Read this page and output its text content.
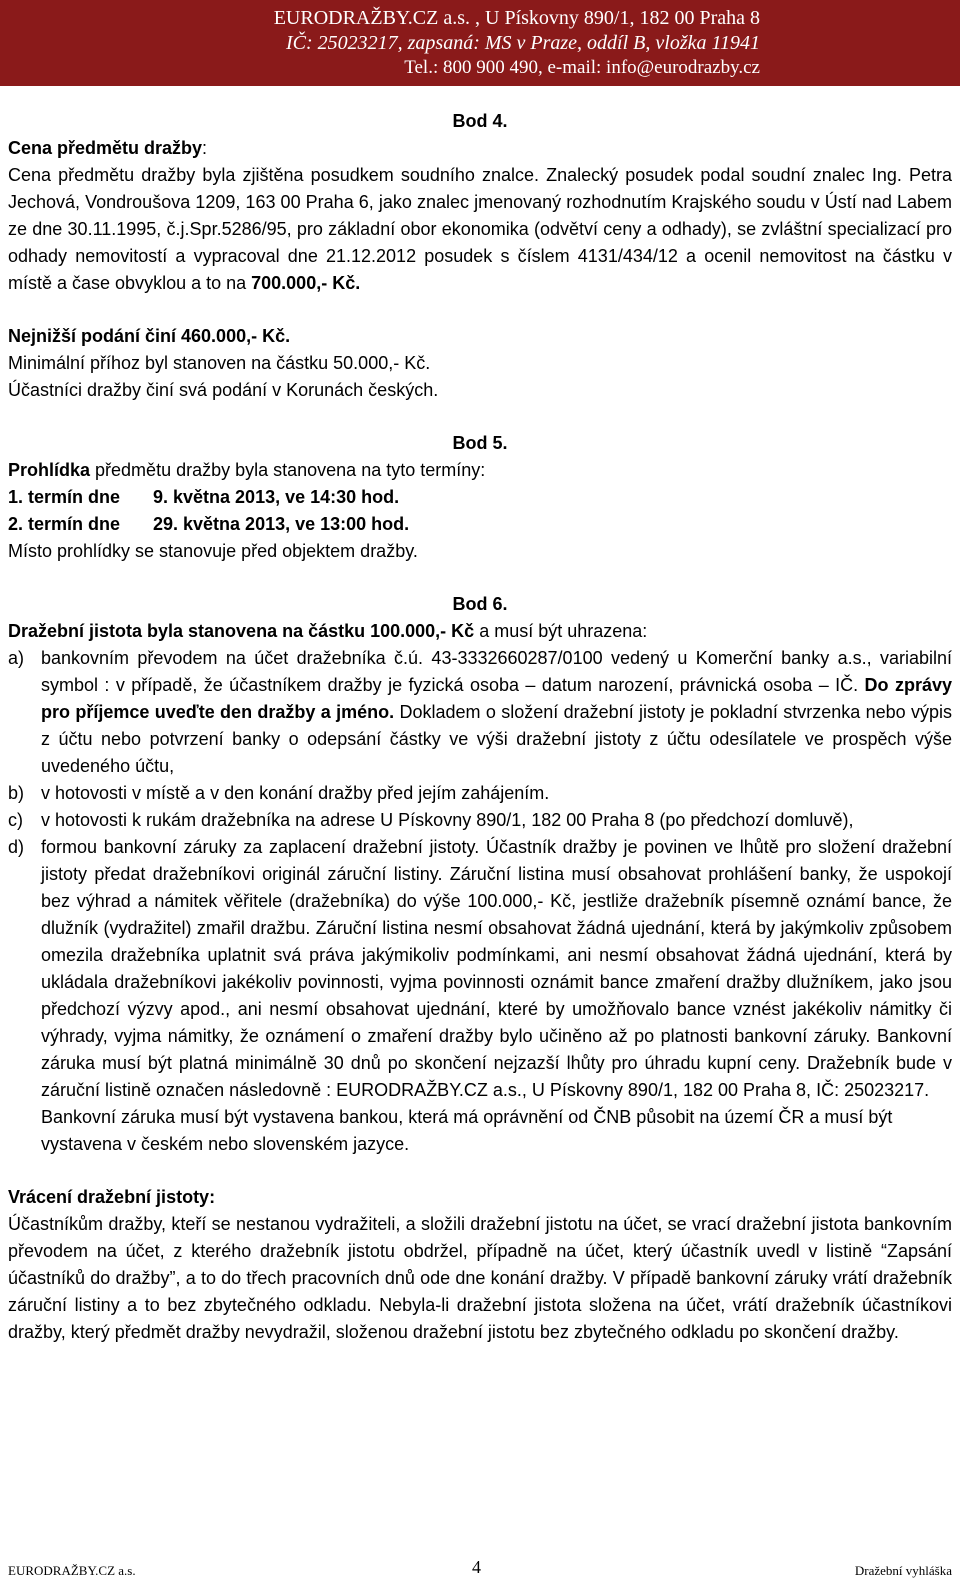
EURODRAŽBY.CZ a.s. , U Pískovny 890/1, 182 00 Praha 8
IČ: 25023217, zapsaná: MS v Praze, oddíl B, vložka 11941
Tel.: 800 900 490, e-mail: info@eurodrazby.cz
Bod 4.
Cena předmětu dražby:

Cena předmětu dražby byla zjištěna posudkem soudního znalce. Znalecký posudek podal soudní znalec Ing. Petra Jechová, Vondroušova 1209, 163 00 Praha 6, jako znalec jmenovaný rozhodnutím Krajského soudu v Ústí nad Labem ze dne 30.11.1995, č.j.Spr.5286/95, pro základní obor ekonomika (odvětví ceny a odhady), se zvláštní specializací pro odhady nemovitostí a vypracoval dne 21.12.2012 posudek s číslem 4131/434/12 a ocenil nemovitost na částku v místě a čase obvyklou a to na 700.000,- Kč.

Nejnižší podání činí 460.000,- Kč.
Minimální příhoz byl stanoven na částku 50.000,- Kč.
Účastníci dražby činí svá podání v Korunách českých.
Bod 5.
Prohlídka předmětu dražby byla stanovena na tyto termíny:
1. termín dne	9. května 2013, ve 14:30 hod.
2. termín dne	29. května 2013, ve 13:00 hod.
Místo prohlídky se stanovuje před objektem dražby.
Bod 6.
Dražební jistota byla stanovena na částku 100.000,- Kč a musí být uhrazena:
a) bankovním převodem na účet dražebníka č.ú. 43-3332660287/0100 vedený u Komerční banky a.s., variabilní symbol : v případě, že účastníkem dražby je fyzická osoba – datum narození, právnická osoba – IČ. Do zprávy pro příjemce uveďte den dražby a jméno. Dokladem o složení dražební jistoty je pokladní stvrzenka nebo výpis z účtu nebo potvrzení banky o odepsání částky ve výši dražební jistoty z účtu odesílatele ve prospěch výše uvedeného účtu,

b) v hotovosti v místě a v den konání dražby před jejím zahájením.

c)	v hotovosti k rukám dražebníka na adrese U Pískovny 890/1, 182 00 Praha 8 (po předchozí domluvě),

d) formou bankovní záruky za zaplacení dražební jistoty. Účastník dražby je povinen ve lhůtě pro složení dražební jistoty předat dražebníkovi originál záruční listiny. Záruční listina musí obsahovat prohlášení banky, že uspokojí bez výhrad a námitek věřitele (dražebníka) do výše 100.000,- Kč, jestliže dražebník písemně oznámí bance, že dlužník (vydražitel) zmařil dražbu. Záruční listina nesmí obsahovat žádná ujednání, která by jakýmkoliv způsobem omezila dražebníka uplatnit svá práva jakýmikoliv podmínkami, ani nesmí obsahovat žádná ujednání, která by ukládala dražebníkovi jakékoliv povinnosti, vyjma povinnosti oznámit bance zmaření dražby dlužníkem, jako jsou předchozí výzvy apod., ani nesmí obsahovat ujednání, které by umožňovalo bance vznést jakékoliv námitky či výhrady, vyjma námitky, že oznámení o zmaření dražby bylo učiněno až po platnosti bankovní záruky. Bankovní záruka musí být platná minimálně 30 dnů po skončení nejzazší lhůty pro úhradu kupní ceny. Dražebník bude v záruční listině označen následovně : EURODRAŽBY.CZ a.s., U Pískovny 890/1, 182 00 Praha 8, IČ: 25023217.

Bankovní záruka musí být vystavena bankou, která má oprávnění od ČNB působit na území ČR a musí být vystavena v českém nebo slovenském jazyce.

Vrácení dražební jistoty:

Účastníkům dražby, kteří se nestanou vydražiteli, a složili dražební jistotu na účet, se vrací dražební jistota bankovním převodem na účet, z kterého dražebník jistotu obdržel, případně na účet, který účastník uvedl v listině “Zapsání účastníků do dražby”, a to do třech pracovních dnů ode dne konání dražby. V případě bankovní záruky vrátí dražebník záruční listiny a to bez zbytečného odkladu. Nebyla-li dražební jistota složena na účet, vrátí dražebník účastníkovi dražby, který předmět dražby nevydražil, složenou dražební jistotu bez zbytečného odkladu po skončení dražby.

EURODRAŽBY.CZ a.s.	4	Dražební vyhláška
